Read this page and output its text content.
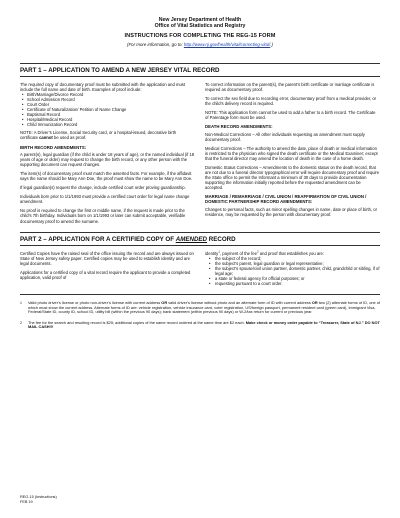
New Jersey Department of Health
Office of Vital Statistics and Registry
INSTRUCTIONS FOR COMPLETING THE REG-15 FORM
(For more information, go to: http://www.nj.gov/health/vital/correcting-vital/.)
PART 1 – APPLICATION TO AMEND A NEW JERSEY VITAL RECORD

The required copy of documentary proof must be submitted with the application and must include the full name and date of birth. Examples of proof include:

• Birth/Marriage/Divorce Record
• School Admission Record
• Court Order
• Certificate of Naturalization/ Petition of Name Change
• Baptismal Record
• Hospital/Medical Record
• Child Immunization Record

NOTE: A Driver’s License, Social Security card, or a hospital-issued, decorative birth certificate cannot be used as proof.

BIRTH RECORD AMENDMENTS:

A parent(s), legal guardian (if the child is under 18 years of age), or the named individual (if 18 years of age or older) may request to change the birth record, or any other person with the supporting document can request changes.

The item(s) of documentary proof must match the asserted facts. For example, if the affidavit says the name should be Mary Ann Doe, the proof must show the name to be Mary Ann Doe.

If legal guardian(s) request the change, include certified court order proving guardianship.

Individuals born prior to 1/1/1993 must provide a certified court order for legal name change amendment.

No proof is required to change the first or middle name, if the request is made prior to the child’s 7th birthday. Individuals born on 1/1/1993 or later can submit acceptable, verifiable documentary proof to amend the surname.

To correct information on the parent(s), the parent’s birth certificate or marriage certificate is required as documentary proof.

To correct the sex field due to recording error, documentary proof from a medical provider, or the child’s delivery record is required.

NOTE: This application form cannot be used to add a father to a birth record. The Certificate of Parentage form must be used.

DEATH RECORD AMENDMENTS:

Non-Medical Corrections – All other individuals requesting an amendment must supply documentary proof.

Medical Corrections – The authority to amend the date, place of death or medical information is restricted to the physician who signed the death certificate or the Medical Examiner; except that the funeral director may amend the location of death in the case of a home death.

Domestic Status Corrections – Amendments to the domestic status on the death record, that are not due to a funeral director typographical error will require documentary proof and require the State office to permit the Informant a minimum of 30 days to provide documentation supporting the information initially reported before the requested amendment can be accepted.

MARRIAGE / REMARRIAGE / CIVIL UNION / REAFFIRMATION OF CIVIL UNION / DOMESTIC PARTNERSHIP RECORD AMENDMENTS:

Changes to personal facts, such as minor spelling changes in name, date or place of birth, or residence, may be requested by the person with documentary proof.

PART 2 – APPLICATION FOR A CERTIFIED COPY OF AMENDED RECORD

Certified Copies have the raised seal of the office issuing the record and are always issued on State of New Jersey safety paper. Certified copies may be used to establish identity and are legal documents.

Applications for a certified copy of a vital record require the applicant to provide a completed application, valid proof of

identity$^1$, payment of the fee$^2$ and proof that establishes you are:

• the subject of the record;
• the subject’s parent, legal guardian or legal representative;
• the subject’s spouse/civil union partner, domestic partner, child, grandchild or sibling, if of legal age;
• a state or federal agency for official purposes; or
• requesting pursuant to a court order.
1	Valid photo driver’s license or photo non-driver’s license with current address OR valid driver’s license without photo and an alternate form of ID with current address OR two (2) alternate forms of ID, one of which must show the current address. Alternate forms of ID are: vehicle registration, vehicle insurance card, voter registration, US/foreign passport, permanent resident card (green card), Immigrant Visa, Federal/State ID, county ID, school ID, utility bill (within the previous 90 days); bank statement (within previous 90 days) or W-2/tax return for current or previous year.
2	The fee for the search and resulting record is $25; additional copies of the same record ordered at the same time are $2 each. Make check or money order payable to “Treasurer, State of NJ.” DO NOT MAIL CASH!!!
REG-15 (Instructions)
FEB 19
